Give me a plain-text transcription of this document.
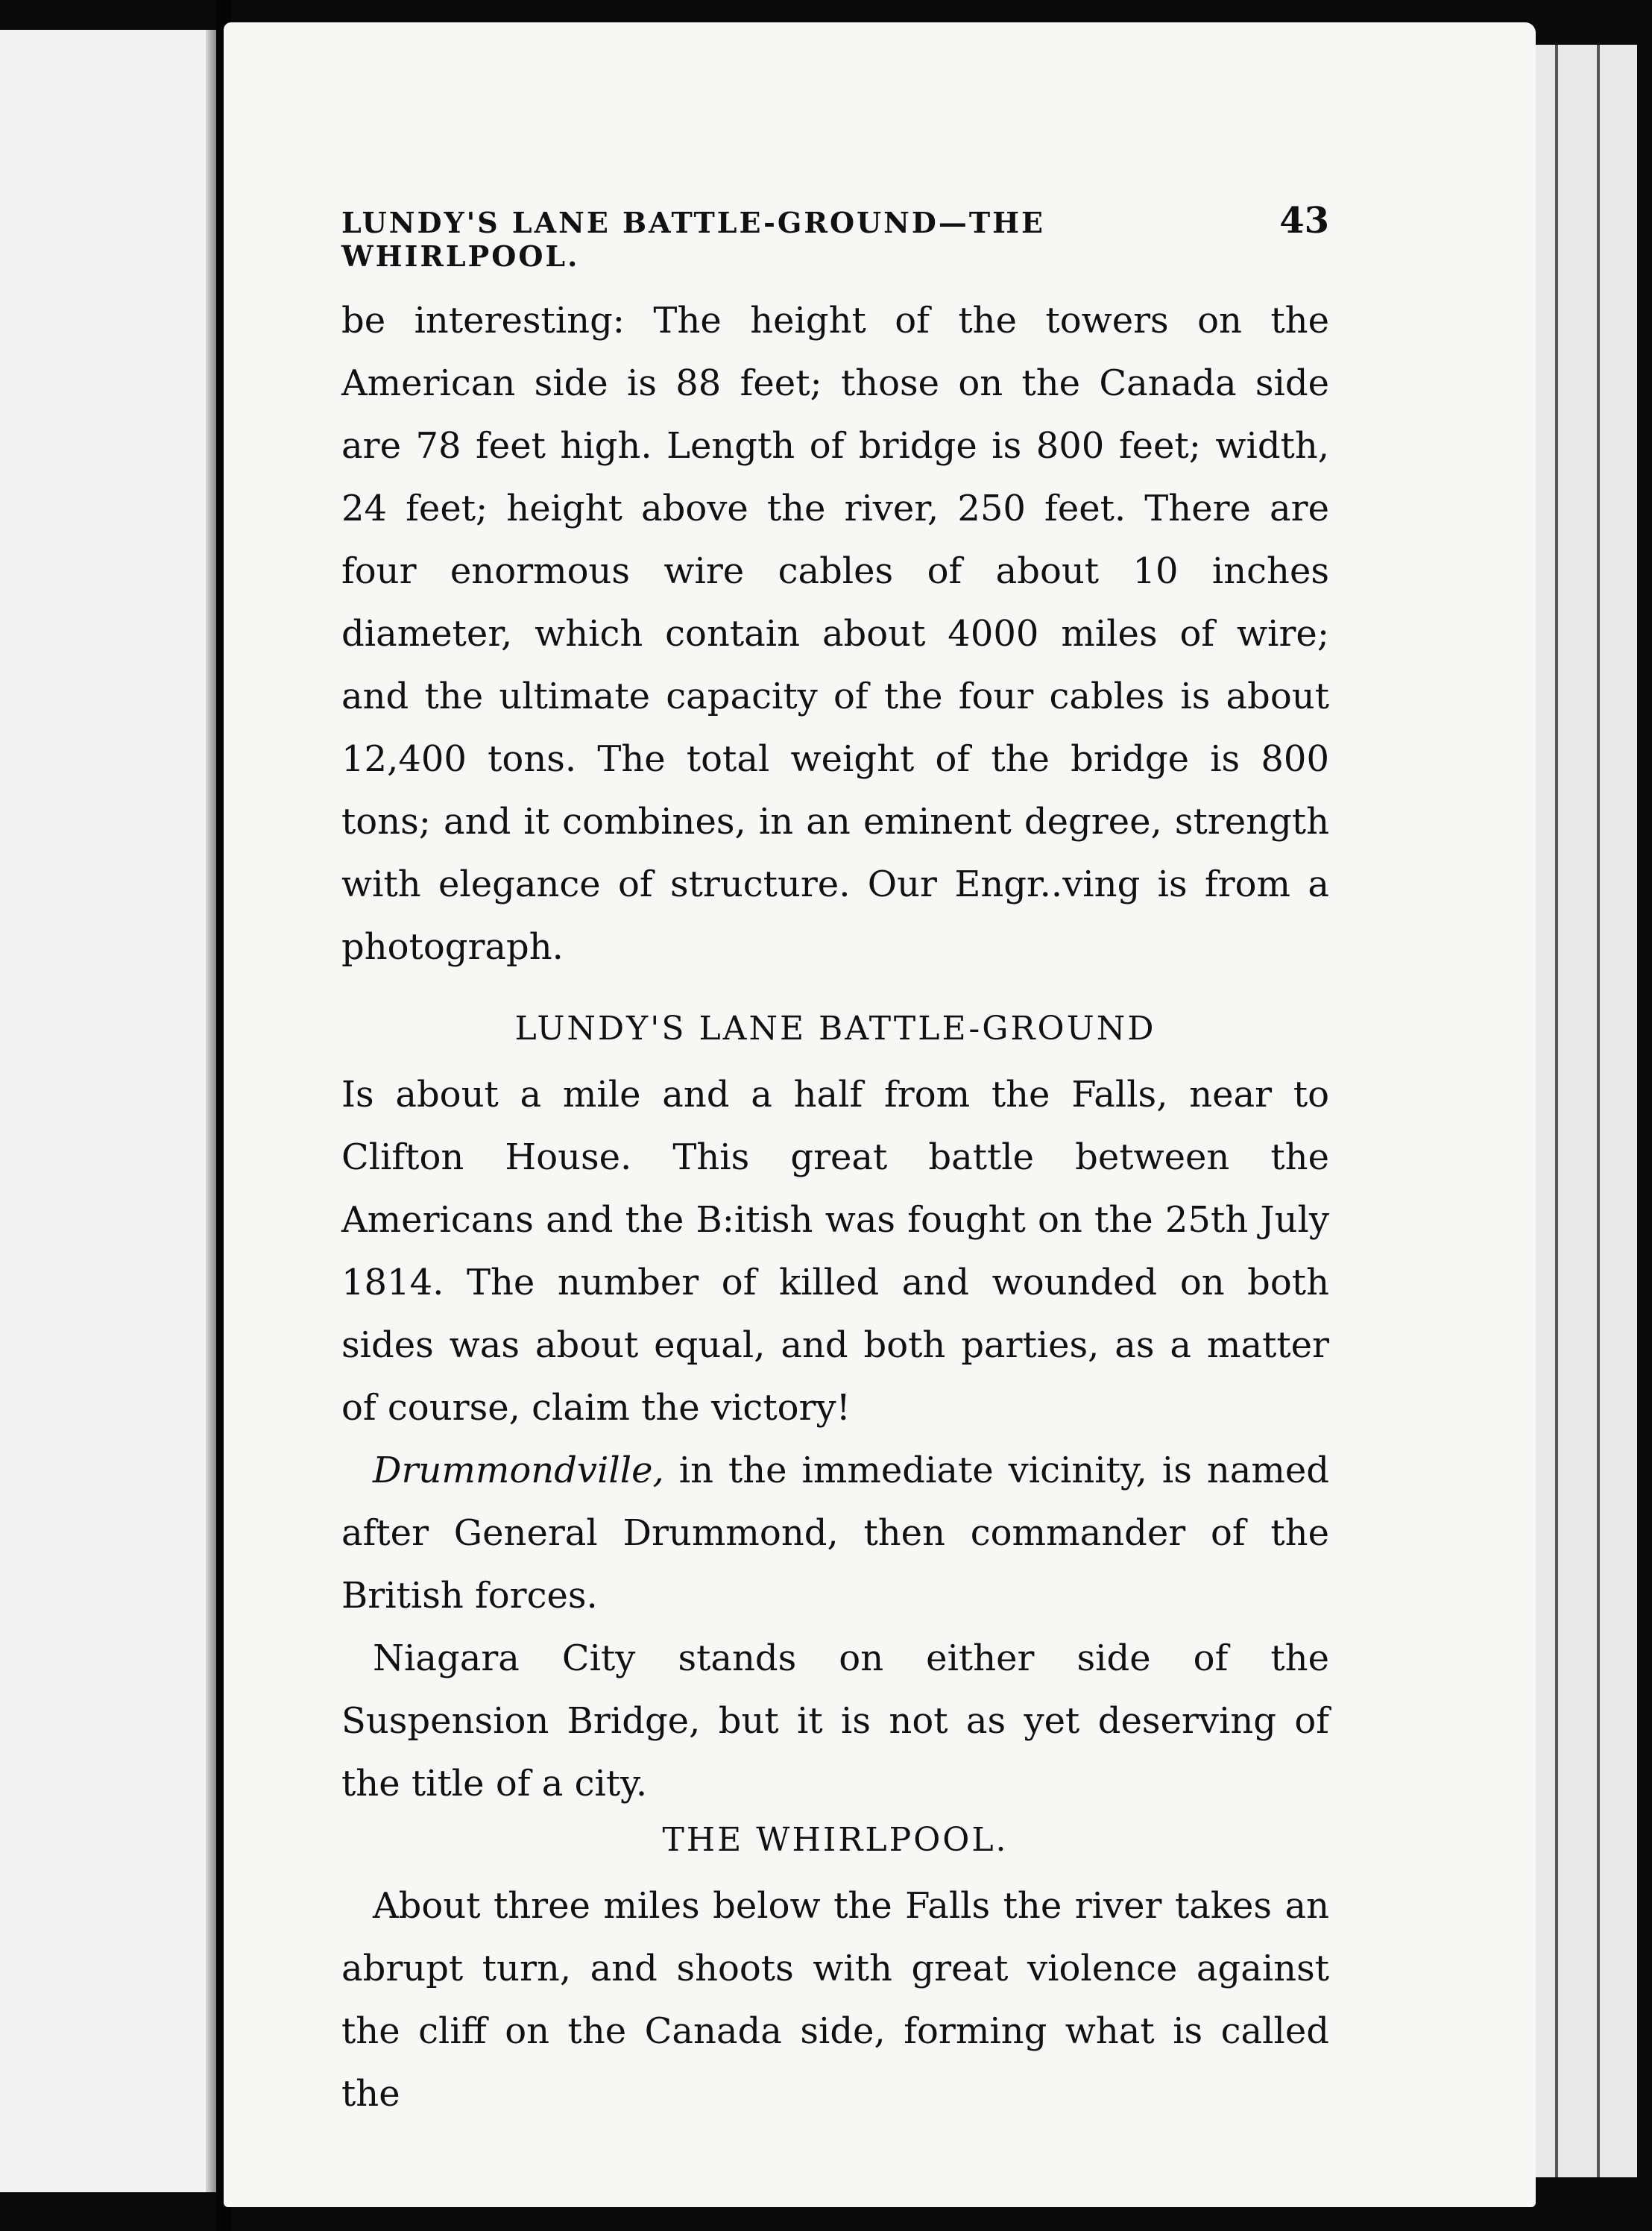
LUNDY'S LANE BATTLE-GROUND—THE WHIRLPOOL.
43

be interesting: The height of the towers on the American side is 88 feet; those on the Canada side are 78 feet high. Length of bridge is 800 feet; width, 24 feet; height above the river, 250 feet. There are four enormous wire cables of about 10 inches diameter, which contain about 4000 miles of wire; and the ultimate capacity of the four cables is about 12,400 tons. The total weight of the bridge is 800 tons; and it combines, in an eminent degree, strength with elegance of structure. Our Engr..ving is from a photograph.

LUNDY'S LANE BATTLE-GROUND

Is about a mile and a half from the Falls, near to Clifton House. This great battle between the Americans and the B:itish was fought on the 25th July 1814. The number of killed and wounded on both sides was about equal, and both parties, as a matter of course, claim the victory!

Drummondville, in the immediate vicinity, is named after General Drummond, then commander of the British forces.

Niagara City stands on either side of the Suspension Bridge, but it is not as yet deserving of the title of a city.

THE WHIRLPOOL.

About three miles below the Falls the river takes an abrupt turn, and shoots with great violence against the cliff on the Canada side, forming what is called the
